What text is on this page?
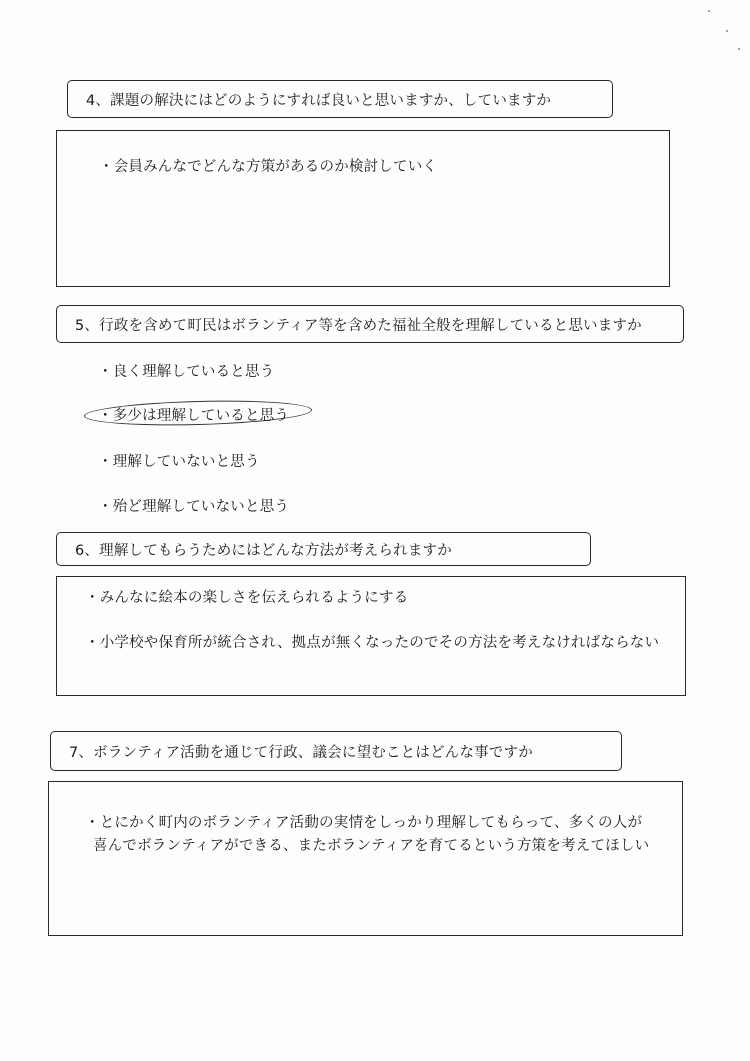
4、課題の解決にはどのようにすれば良いと思いますか、していますか
・会員みんなでどんな方策があるのか検討していく
5、行政を含めて町民はボランティア等を含めた福祉全般を理解していると思いますか
・良く理解していると思う
・多少は理解していると思う
・理解していないと思う
・殆ど理解していないと思う
6、理解してもらうためにはどんな方法が考えられますか
・みんなに絵本の楽しさを伝えられるようにする
・小学校や保育所が統合され、拠点が無くなったのでその方法を考えなければならない
7、ボランティア活動を通じて行政、議会に望むことはどんな事ですか
・とにかく町内のボランティア活動の実情をしっかり理解してもらって、多くの人が
喜んでボランティアができる、またボランティアを育てるという方策を考えてほしい
